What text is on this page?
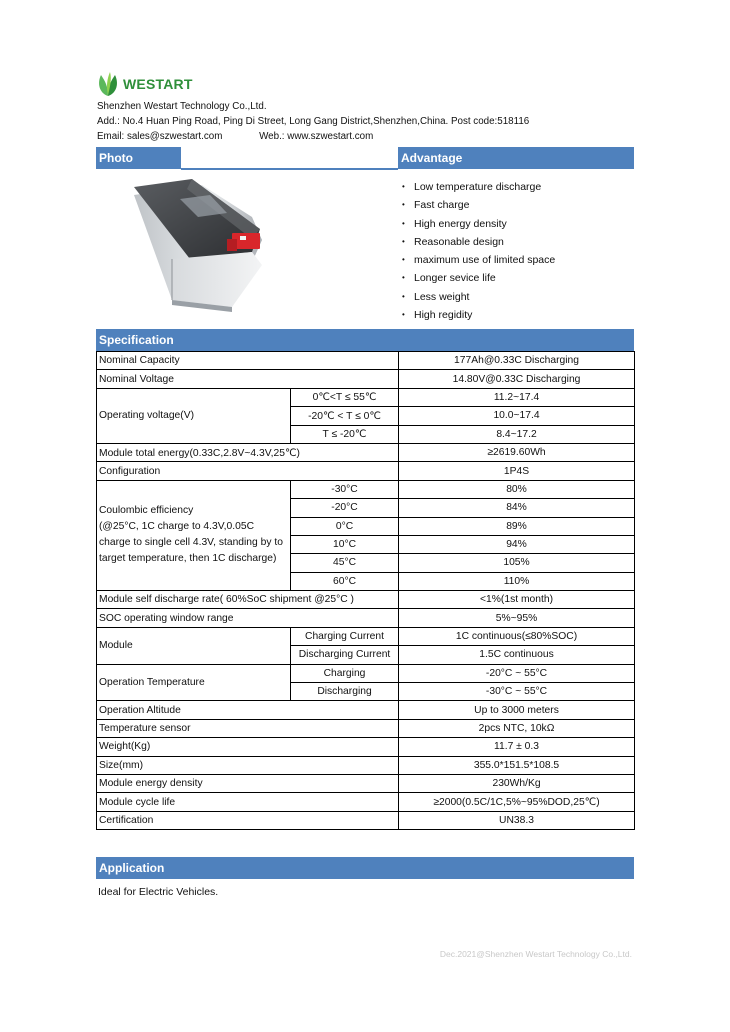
WESTART
Shenzhen Westart Technology Co.,Ltd.
Add.: No.4 Huan Ping Road, Ping Di Street, Long Gang District,Shenzhen,China. Post code:518116
Email: sales@szwestart.com	Web.: www.szwestart.com
Photo	Advantage
• Low temperature discharge
• Fast charge
• High energy density
• Reasonable design
• maximum use of limited space
• Longer sevice life
• Less weight
• High regidity
Specification
Nominal Capacity		177Ah@0.33C Discharging
Nominal Voltage		14.80V@0.33C Discharging
Operating voltage(V)	0℃<T ≤ 55℃	11.2~17.4
	-20℃ < T ≤ 0℃	10.0~17.4
	T ≤ -20℃	8.4~17.2
Module total energy(0.33C,2.8V~4.3V,25℃)		≥2619.60Wh
Configuration		1P4S
Coulombic efficiency
(@25°C, 1C charge to 4.3V,0.05C charge to single cell 4.3V, standing by to target temperature, then 1C discharge)	-30°C	80%
	-20°C	84%
	0°C	89%
	10°C	94%
	45°C	105%
	60°C	110%
Module self discharge rate( 60%SoC shipment @25°C )		<1%(1st month)
SOC operating window range		5%~95%
Module	Charging Current	1C continuous(≤80%SOC)
	Discharging Current	1.5C continuous
Operation Temperature	Charging	-20°C ~ 55°C
	Discharging	-30°C ~ 55°C
Operation Altitude		Up to 3000 meters
Temperature sensor		2pcs NTC, 10kΩ
Weight(Kg)		11.7 ± 0.3
Size(mm)		355.0*151.5*108.5
Module energy density		230Wh/Kg
Module cycle life		≥2000(0.5C/1C,5%~95%DOD,25℃)
Certification		UN38.3
Application
Ideal for Electric Vehicles.
Dec.2021@Shenzhen Westart Technology Co.,Ltd.
